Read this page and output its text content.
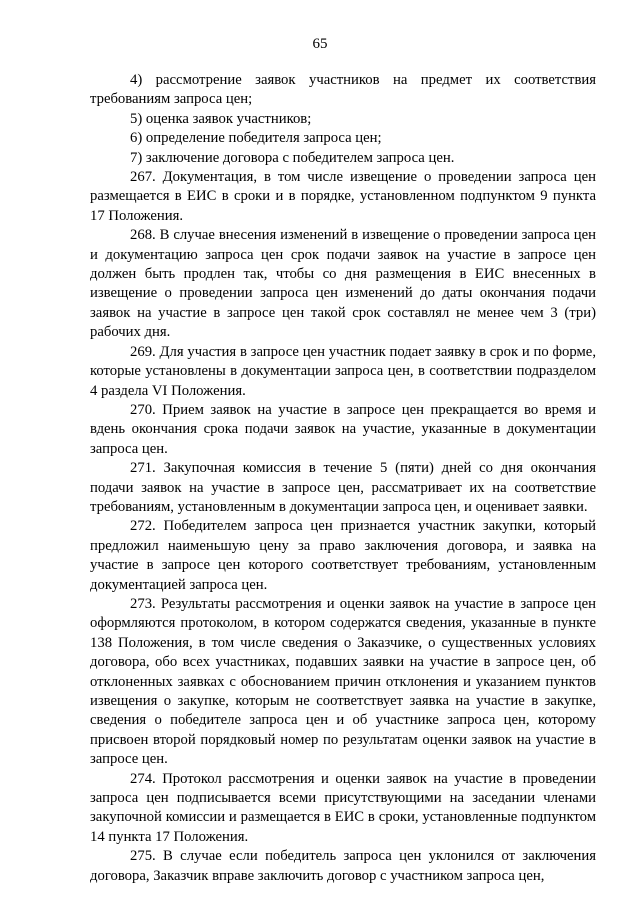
65

4) рассмотрение заявок участников на предмет их соответствия требованиям запроса цен;

5) оценка заявок участников;

6) определение победителя запроса цен;

7) заключение договора с победителем запроса цен.

267. Документация, в том числе извещение о проведении запроса цен размещается в ЕИС в сроки и в порядке, установленном подпунктом 9 пункта 17 Положения.

268. В случае внесения изменений в извещение о проведении запроса цен и документацию запроса цен срок подачи заявок на участие в запросе цен должен быть продлен так, чтобы со дня размещения в ЕИС внесенных в извещение о проведении запроса цен изменений до даты окончания подачи заявок на участие в запросе цен такой срок составлял не менее чем 3 (три) рабочих дня.

269. Для участия в запросе цен участник подает заявку в срок и по форме, которые установлены в документации запроса цен, в соответствии подразделом 4 раздела VI Положения.

270. Прием заявок на участие в запросе цен прекращается во время и вдень окончания срока подачи заявок на участие, указанные в документации запроса цен.

271. Закупочная комиссия в течение 5 (пяти) дней со дня окончания подачи заявок на участие в запросе цен, рассматривает их на соответствие требованиям, установленным в документации запроса цен, и оценивает заявки.

272. Победителем запроса цен признается участник закупки, который предложил наименьшую цену за право заключения договора, и заявка на участие в запросе цен которого соответствует требованиям, установленным документацией запроса цен.

273. Результаты рассмотрения и оценки заявок на участие в запросе цен оформляются протоколом, в котором содержатся сведения, указанные в пункте 138 Положения, в том числе сведения о Заказчике, о существенных условиях договора, обо всех участниках, подавших заявки на участие в запросе цен, об отклоненных заявках с обоснованием причин отклонения и указанием пунктов извещения о закупке, которым не соответствует заявка на участие в закупке, сведения о победителе запроса цен и об участнике запроса цен, которому присвоен второй порядковый номер по результатам оценки заявок на участие в запросе цен.

274. Протокол рассмотрения и оценки заявок на участие в проведении запроса цен подписывается всеми присутствующими на заседании членами закупочной комиссии и размещается в ЕИС в сроки, установленные подпунктом 14 пункта 17 Положения.

275. В случае если победитель запроса цен уклонился от заключения договора, Заказчик вправе заключить договор с участником запроса цен,
